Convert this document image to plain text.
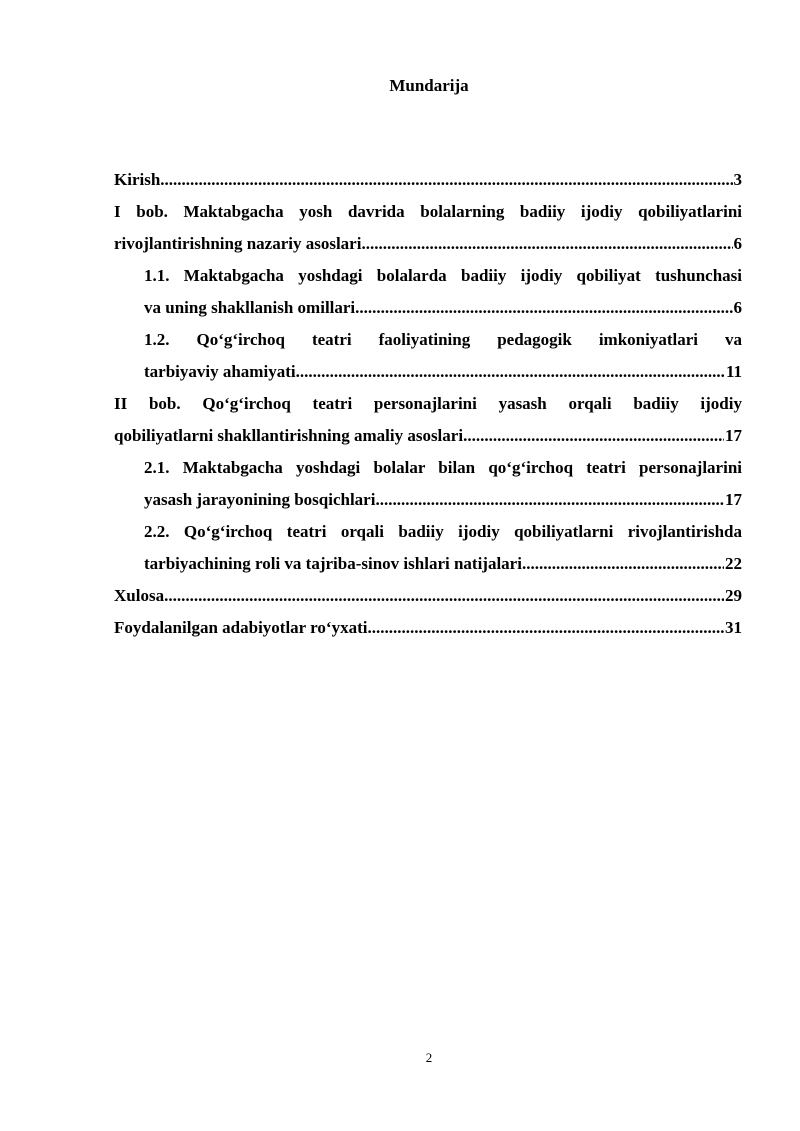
Mundarija
Kirish .....	3
I bob. Maktabgacha yosh davrida bolalarning badiiy ijodiy qobiliyatlarini
rivojlantirishning nazariy asoslari .....	6
1.1. Maktabgacha yoshdagi bolalarda badiiy ijodiy qobiliyat tushunchasi
va uning shakllanish omillari .....	6
1.2. Qo‘g‘irchoq teatri faoliyatining pedagogik imkoniyatlari va
tarbiyaviy ahamiyati .....	11
II bob. Qo‘g‘irchoq teatri personajlarini yasash orqali badiiy ijodiy
qobiliyatlarni shakllantirishning amaliy asoslari .....	17
2.1. Maktabgacha yoshdagi bolalar bilan qo‘g‘irchoq teatri personajlarini
yasash jarayonining bosqichlari .....	17
2.2. Qo‘g‘irchoq teatri orqali badiiy ijodiy qobiliyatlarni rivojlantirishda
tarbiyachining roli va tajriba-sinov ishlari natijalari .....	22
Xulosa .....	29
Foydalanilgan adabiyotlar ro‘yxati .....	31
2
